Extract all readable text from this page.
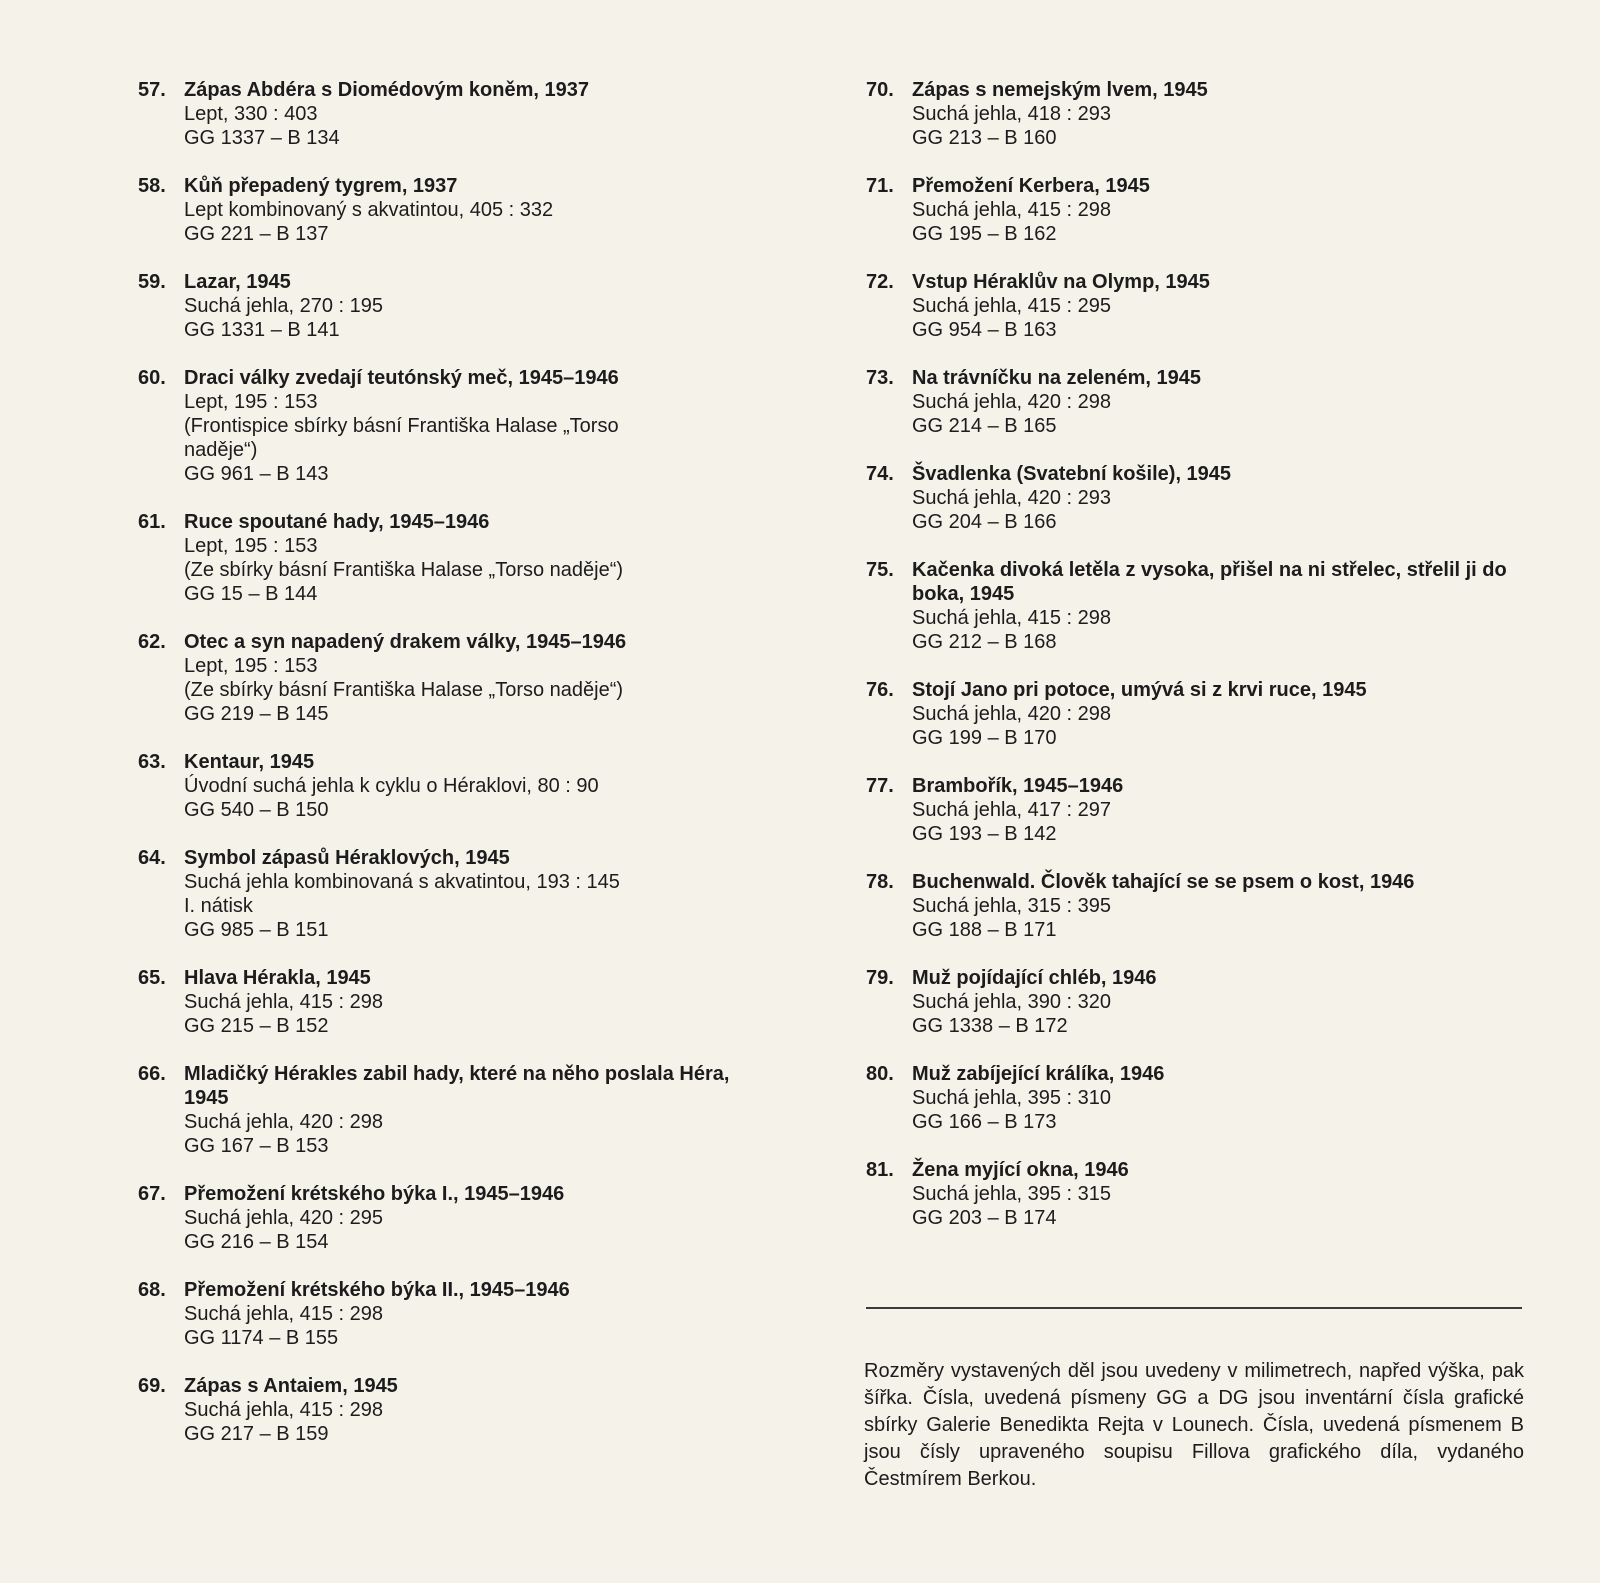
57. Zápas Abdéra s Diomédovým koněm, 1937
Lept, 330 : 403
GG 1337 – B 134
58. Kůň přepadený tygrem, 1937
Lept kombinovaný s akvatintou, 405 : 332
GG 221 – B 137
59. Lazar, 1945
Suchá jehla, 270 : 195
GG 1331 – B 141
60. Draci války zvedají teutónský meč, 1945–1946
Lept, 195 : 153
(Frontispice sbírky básní Františka Halase „Torso
naděje“)
GG 961 – B 143
61. Ruce spoutané hady, 1945–1946
Lept, 195 : 153
(Ze sbírky básní Františka Halase „Torso naděje“)
GG 15 – B 144
62. Otec a syn napadený drakem války, 1945–1946
Lept, 195 : 153
(Ze sbírky básní Františka Halase „Torso naděje“)
GG 219 – B 145
63. Kentaur, 1945
Úvodní suchá jehla k cyklu o Héraklovi, 80 : 90
GG 540 – B 150
64. Symbol zápasů Héraklových, 1945
Suchá jehla kombinovaná s akvatintou, 193 : 145
I. nátisk
GG 985 – B 151
65. Hlava Hérakla, 1945
Suchá jehla, 415 : 298
GG 215 – B 152
66. Mladičký Hérakles zabil hady, které na něho poslala Héra, 1945
Suchá jehla, 420 : 298
GG 167 – B 153
67. Přemožení krétského býka I., 1945–1946
Suchá jehla, 420 : 295
GG 216 – B 154
68. Přemožení krétského býka II., 1945–1946
Suchá jehla, 415 : 298
GG 1174 – B 155
69. Zápas s Antaiem, 1945
Suchá jehla, 415 : 298
GG 217 – B 159
70. Zápas s nemejským lvem, 1945
Suchá jehla, 418 : 293
GG 213 – B 160
71. Přemožení Kerbera, 1945
Suchá jehla, 415 : 298
GG 195 – B 162
72. Vstup Héraklův na Olymp, 1945
Suchá jehla, 415 : 295
GG 954 – B 163
73. Na trávníčku na zeleném, 1945
Suchá jehla, 420 : 298
GG 214 – B 165
74. Švadlenka (Svatební košile), 1945
Suchá jehla, 420 : 293
GG 204 – B 166
75. Kačenka divoká letěla z vysoka, přišel na ni střelec, střelil ji do boka, 1945
Suchá jehla, 415 : 298
GG 212 – B 168
76. Stojí Jano pri potoce, umývá si z krvi ruce, 1945
Suchá jehla, 420 : 298
GG 199 – B 170
77. Brambořík, 1945–1946
Suchá jehla, 417 : 297
GG 193 – B 142
78. Buchenwald. Člověk tahající se se psem o kost, 1946
Suchá jehla, 315 : 395
GG 188 – B 171
79. Muž pojídající chléb, 1946
Suchá jehla, 390 : 320
GG 1338 – B 172
80. Muž zabíjející králíka, 1946
Suchá jehla, 395 : 310
GG 166 – B 173
81. Žena myjící okna, 1946
Suchá jehla, 395 : 315
GG 203 – B 174

Rozměry vystavených děl jsou uvedeny v milimetrech, napřed výška, pak šířka. Čísla, uvedená písmeny GG a DG jsou inventární čísla grafické sbírky Galerie Benedikta Rejta v Lounech. Čísla, uvedená písmenem B jsou čísly upraveného soupisu Fillova grafického díla, vydaného Čestmírem Berkou.
